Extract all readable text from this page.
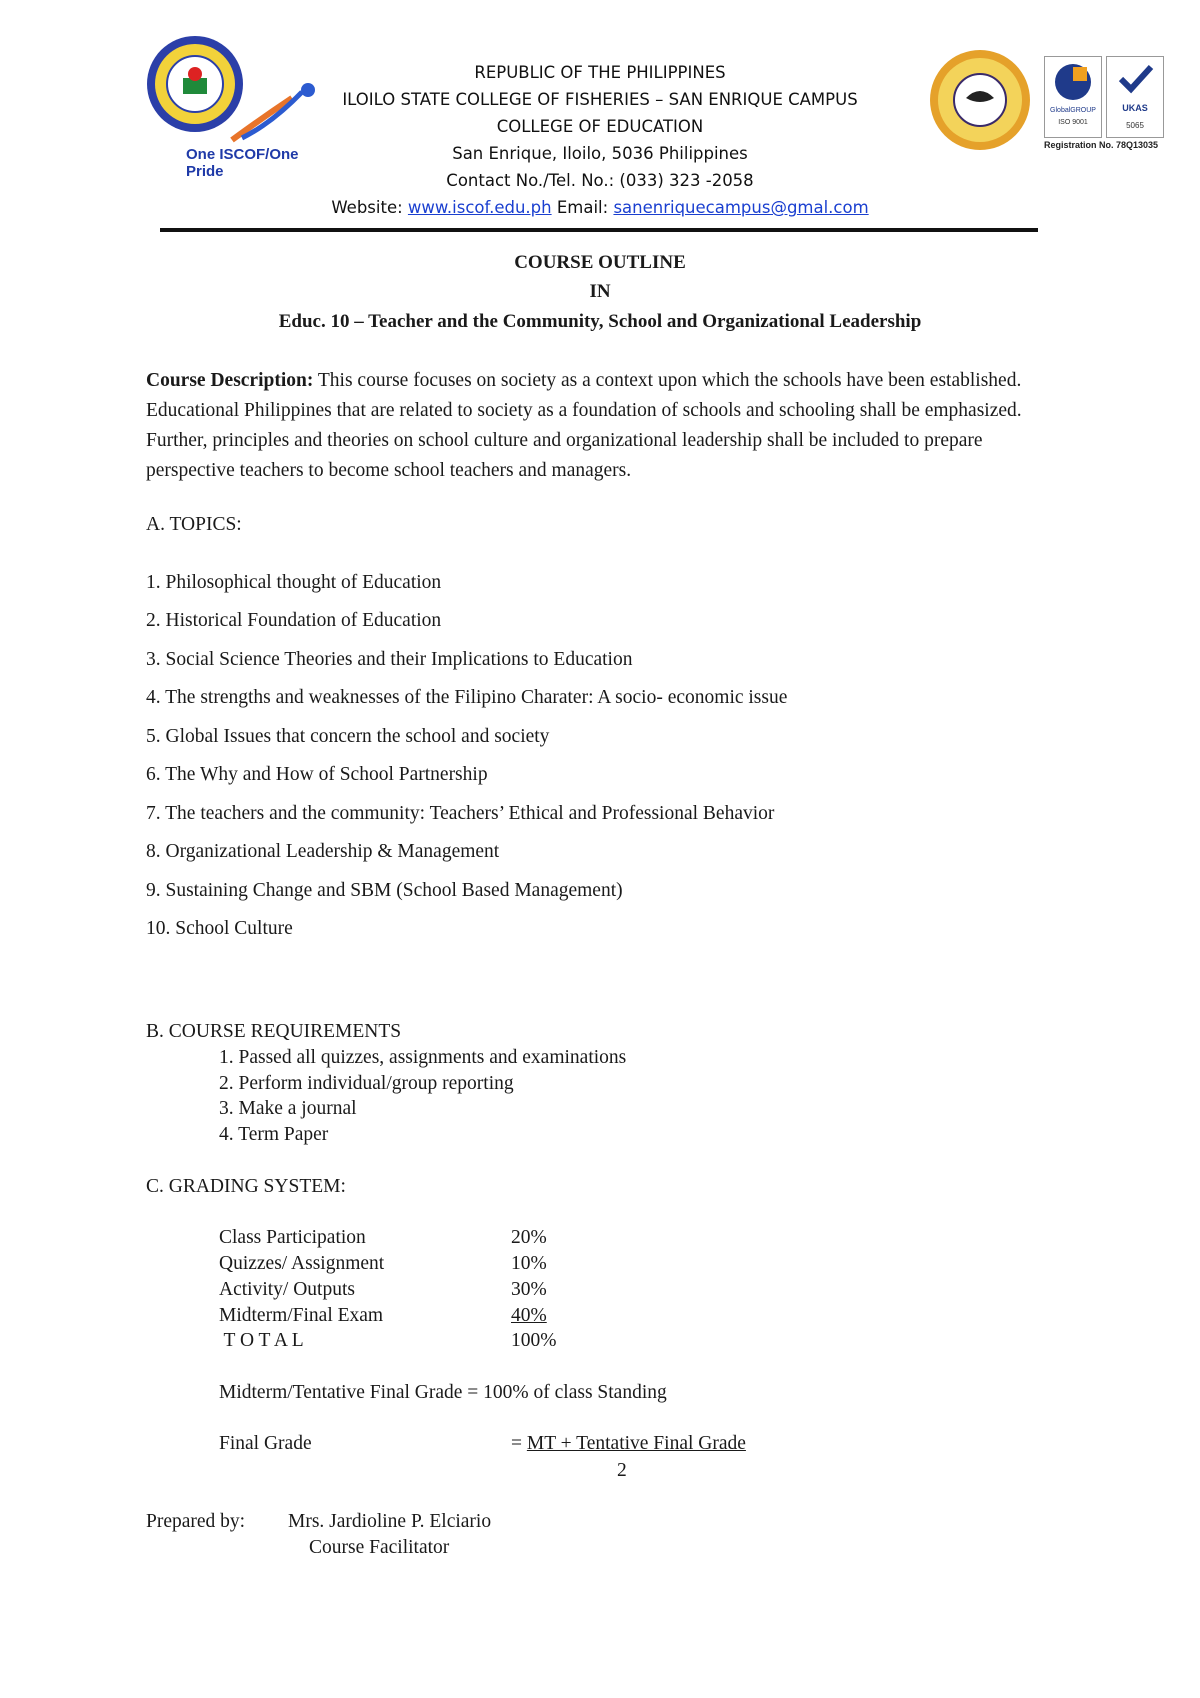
One ISCOF/One Pride
GlobalGROUP
ISO 9001
UKAS
5065
Registration No. 78Q13035
REPUBLIC OF THE PHILIPPINES
ILOILO STATE COLLEGE OF FISHERIES – SAN ENRIQUE CAMPUS
COLLEGE OF EDUCATION
San Enrique, Iloilo, 5036 Philippines
Contact No./Tel. No.: (033) 323 -2058
Website: www.iscof.edu.ph Email: sanenriquecampus@gmal.com
COURSE OUTLINE
IN
Educ. 10 – Teacher and the Community, School and Organizational Leadership
Course Description: This course focuses on society as a context upon which the schools have been established. Educational Philippines that are related to society as a foundation of schools and schooling shall be emphasized. Further, principles and theories on school culture and organizational leadership shall be included to prepare perspective teachers to become school teachers and managers.
A. TOPICS:
1. Philosophical thought of Education
2. Historical Foundation of Education
3. Social Science Theories and their Implications to Education
4. The strengths and weaknesses of the Filipino Charater: A socio- economic issue
5. Global Issues that concern the school and society
6. The Why and How of School Partnership
7. The teachers and the community: Teachers’ Ethical and Professional Behavior
8. Organizational Leadership & Management
9. Sustaining Change and SBM (School Based Management)
10. School Culture
B. COURSE REQUIREMENTS
1. Passed all quizzes, assignments and examinations
2. Perform individual/group reporting
3. Make a journal
4. Term Paper
C. GRADING SYSTEM:
Class Participation	20%
Quizzes/ Assignment	10%
Activity/ Outputs	30%
Midterm/Final Exam	40%
T O T A L	100%
Midterm/Tentative Final Grade = 100% of class Standing
Final Grade	= MT + Tentative Final Grade
2
Prepared by: Mrs. Jardioline P. Elciario
Course Facilitator
